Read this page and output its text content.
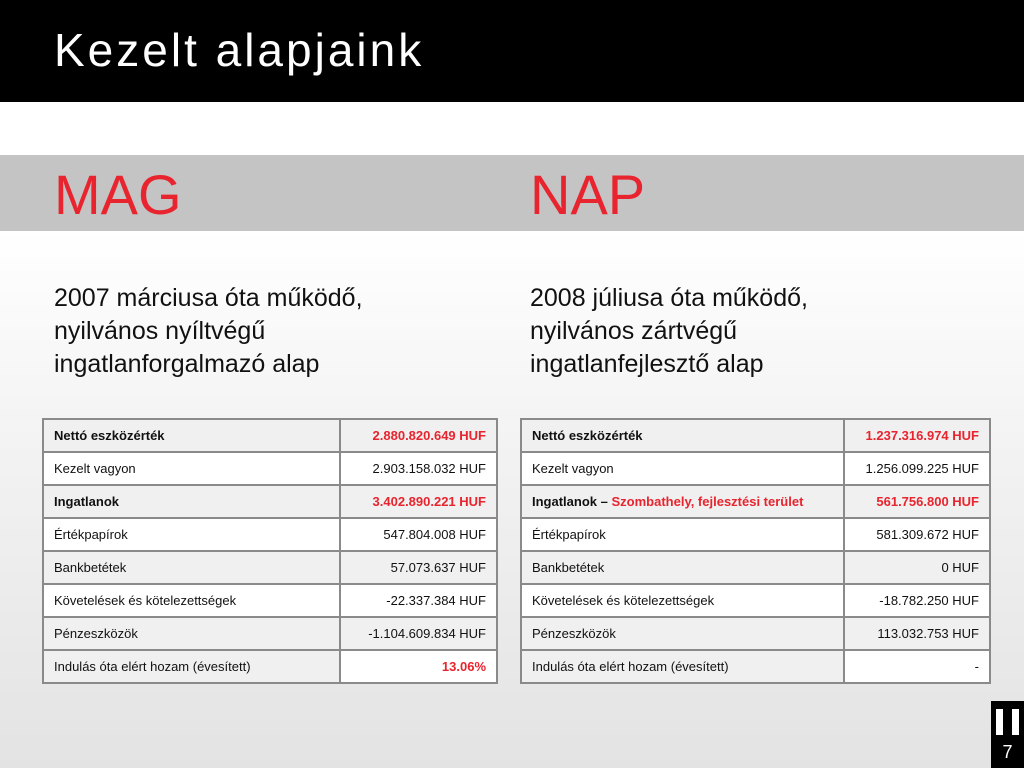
Kezelt alapjaink
MAG	NAP

2007 márciusa óta működő,
nyilvános nyíltvégű
ingatlanforgalmazó alap

2008 júliusa óta működő,
nyilvános zártvégű
ingatlanfejlesztő alap

Nettó eszközérték	2.880.820.649 HUF
Kezelt vagyon	2.903.158.032 HUF
Ingatlanok	3.402.890.221 HUF
Értékpapírok	547.804.008 HUF
Bankbetétek	57.073.637 HUF
Követelések és kötelezettségek	-22.337.384 HUF
Pénzeszközök	-1.104.609.834 HUF
Indulás óta elért hozam (évesített)	13.06%
Nettó eszközérték	1.237.316.974 HUF
Kezelt vagyon	1.256.099.225 HUF
Ingatlanok – Szombathely, fejlesztési terület	561.756.800 HUF
Értékpapírok	581.309.672 HUF
Bankbetétek	0 HUF
Követelések és kötelezettségek	-18.782.250 HUF
Pénzeszközök	113.032.753 HUF
Indulás óta elért hozam (évesített)	-
7
